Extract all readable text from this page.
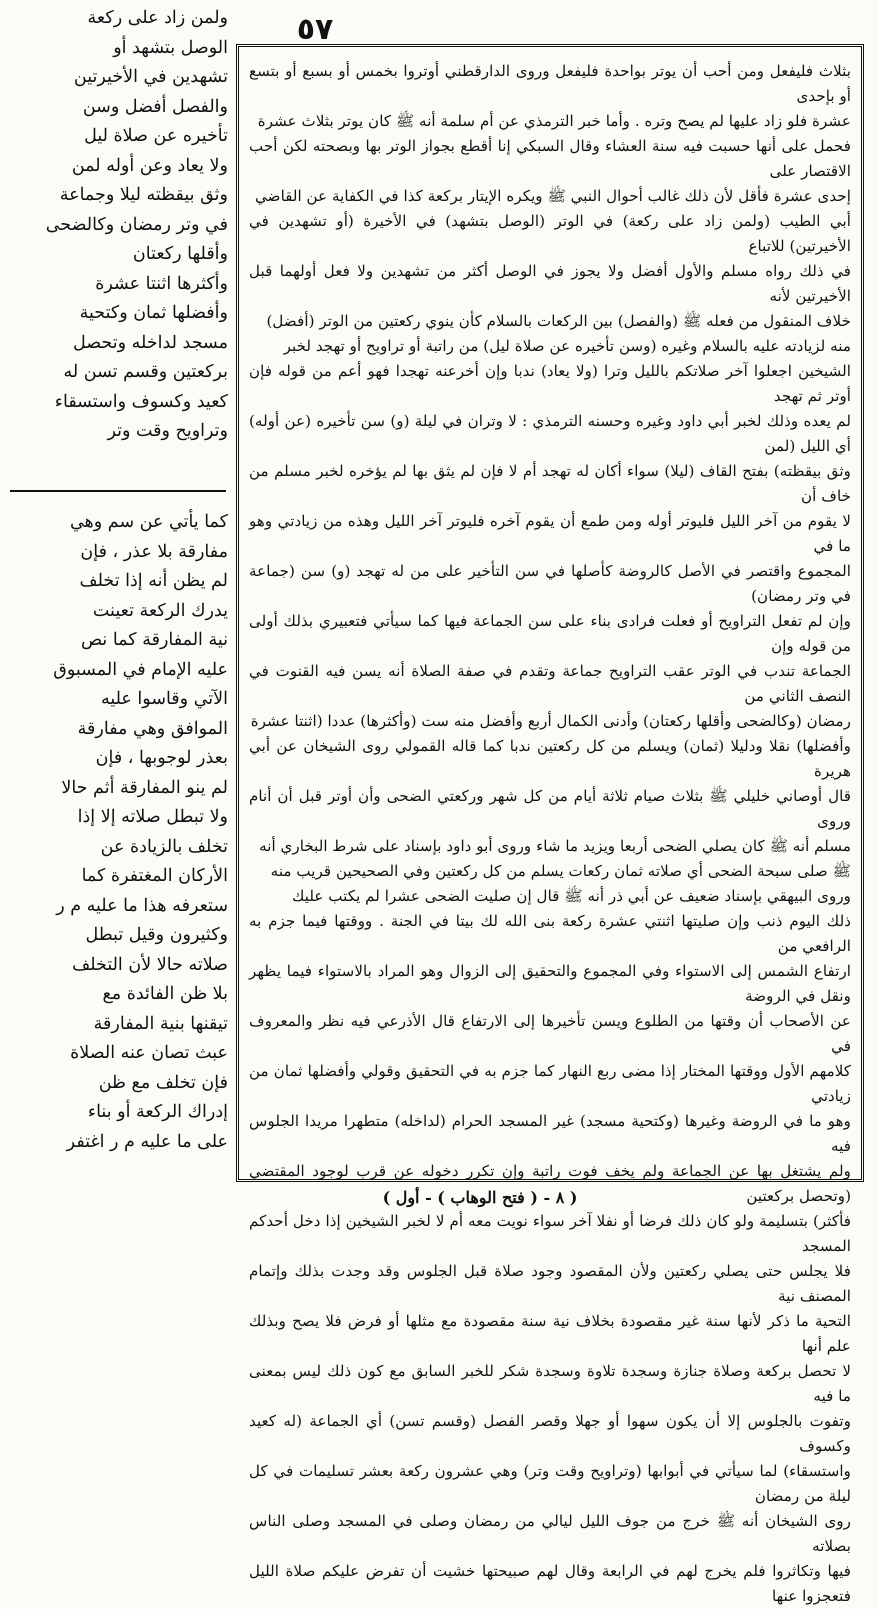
٥٧
ولمن زاد على ركعة
الوصل بتشهد أو
تشهدين في الأخيرتين
والفصل أفضل وسن
تأخيره عن صلاة ليل
ولا يعاد وعن أوله لمن
وثق بيقظته ليلا وجماعة
في وتر رمضان وكالضحى
وأقلها ركعتان
وأكثرها اثنتا عشرة
وأفضلها ثمان وكتحية
مسجد لداخله وتحصل
بركعتين وقسم تسن له
كعيد وكسوف واستسقاء
وتراويح وقت وتر
كما يأتي عن سم وهي
مفارقة بلا عذر ، فإن
لم يظن أنه إذا تخلف
يدرك الركعة تعينت
نية المفارقة كما نص
عليه الإمام في المسبوق
الآتي وقاسوا عليه
الموافق وهي مفارقة
بعذر لوجوبها ، فإن
لم ينو المفارقة أثم حالا
ولا تبطل صلاته إلا إذا
تخلف بالزيادة عن
الأركان المغتفرة كما
ستعرفه هذا ما عليه م ر
وكثيرون وقيل تبطل
صلاته حالا لأن التخلف
بلا ظن الفائدة مع
تيقنها بنية المفارقة
عبث تصان عنه الصلاة
فإن تخلف مع ظن
إدراك الركعة أو بناء
على ما عليه م ر اغتفر

بثلاث فليفعل ومن أحب أن يوتر بواحدة فليفعل وروى الدارقطني أوتروا بخمس أو بسبع أو بتسع أو بإحدى

عشرة فلو زاد عليها لم يصح وتره . وأما خبر الترمذي عن أم سلمة أنه ﷺ كان يوتر بثلاث عشرة

فحمل على أنها حسبت فيه سنة العشاء وقال السبكي إنا أقطع بجواز الوتر بها وبصحته لكن أحب الاقتصار على

إحدى عشرة فأقل لأن ذلك غالب أحوال النبي ﷺ ويكره الإيتار بركعة كذا في الكفاية عن القاضي

أبي الطيب (ولمن زاد على ركعة) في الوتر (الوصل بتشهد) في الأخيرة (أو تشهدين في الأخيرتين) للاتباع

في ذلك رواه مسلم والأول أفضل ولا يجوز في الوصل أكثر من تشهدين ولا فعل أولهما قبل الأخيرتين لأنه

خلاف المنقول من فعله ﷺ (والفصل) بين الركعات بالسلام كأن ينوي ركعتين من الوتر (أفضل)

منه لزيادته عليه بالسلام وغيره (وسن تأخيره عن صلاة ليل) من راتبة أو تراويح أو تهجد لخبر

الشيخين اجعلوا آخر صلاتكم بالليل وترا (ولا يعاد) ندبا وإن أخرعنه تهجدا فهو أعم من قوله فإن أوتر ثم تهجد

لم يعده وذلك لخبر أبي داود وغيره وحسنه الترمذي : لا وتران في ليلة (و) سن تأخيره (عن أوله) أي الليل (لمن

وثق بيقظته) بفتح القاف (ليلا) سواء أكان له تهجد أم لا فإن لم يثق بها لم يؤخره لخبر مسلم من خاف أن

لا يقوم من آخر الليل فليوتر أوله ومن طمع أن يقوم آخره فليوتر آخر الليل وهذه من زيادتي وهو ما في

المجموع واقتصر في الأصل كالروضة كأصلها في سن التأخير على من له تهجد (و) سن (جماعة في وتر رمضان)

وإن لم تفعل التراويح أو فعلت فرادى بناء على سن الجماعة فيها كما سيأتي فتعبيري بذلك أولى من قوله وإن

الجماعة تندب في الوتر عقب التراويح جماعة وتقدم في صفة الصلاة أنه يسن فيه القنوت في النصف الثاني من

رمضان (وكالضحى وأقلها ركعتان) وأدنى الكمال أربع وأفضل منه ست (وأكثرها) عددا (اثنتا عشرة

وأفضلها) نقلا ودليلا (ثمان) ويسلم من كل ركعتين ندبا كما قاله القمولي روى الشيخان عن أبي هريرة

قال أوصاني خليلي ﷺ بثلاث صيام ثلاثة أيام من كل شهر وركعتي الضحى وأن أوتر قبل أن أنام وروى

مسلم أنه ﷺ كان يصلي الضحى أربعا ويزيد ما شاء وروى أبو داود بإسناد على شرط البخاري أنه

ﷺ صلى سبحة الضحى أي صلاته ثمان ركعات يسلم من كل ركعتين وفي الصحيحين قريب منه

وروى البيهقي بإسناد ضعيف عن أبي ذر أنه ﷺ قال إن صليت الضحى عشرا لم يكتب عليك

ذلك اليوم ذنب وإن صليتها اثنتي عشرة ركعة بنى الله لك بيتا في الجنة . ووقتها فيما جزم به الرافعي من

ارتفاع الشمس إلى الاستواء وفي المجموع والتحقيق إلى الزوال وهو المراد بالاستواء فيما يظهر ونقل في الروضة

عن الأصحاب أن وقتها من الطلوع ويسن تأخيرها إلى الارتفاع قال الأذرعي فيه نظر والمعروف في

كلامهم الأول ووقتها المختار إذا مضى ربع النهار كما جزم به في التحقيق وقولي وأفضلها ثمان من زيادتي

وهو ما في الروضة وغيرها (وكتحية مسجد) غير المسجد الحرام (لداخله) متطهرا مريدا الجلوس فيه

ولم يشتغل بها عن الجماعة ولم يخف فوت راتبة وإن تكرر دخوله عن قرب لوجود المقتضي (وتحصل بركعتين

فأكثر) بتسليمة ولو كان ذلك فرضا أو نفلا آخر سواء نويت معه أم لا لخبر الشيخين إذا دخل أحدكم المسجد

فلا يجلس حتى يصلي ركعتين ولأن المقصود وجود صلاة قبل الجلوس وقد وجدت بذلك وإتمام المصنف نية

التحية ما ذكر لأنها سنة غير مقصودة بخلاف نية سنة مقصودة مع مثلها أو فرض فلا يصح وبذلك علم أنها

لا تحصل بركعة وصلاة جنازة وسجدة تلاوة وسجدة شكر للخبر السابق مع كون ذلك ليس بمعنى ما فيه

وتفوت بالجلوس إلا أن يكون سهوا أو جهلا وقصر الفصل (وقسم تسن) أي الجماعة (له كعيد وكسوف

واستسقاء) لما سيأتي في أبوابها (وتراويح وقت وتر) وهي عشرون ركعة بعشر تسليمات في كل ليلة من رمضان

روى الشيخان أنه ﷺ خرج من جوف الليل ليالي من رمضان وصلى في المسجد وصلى الناس بصلاته

فيها وتكاثروا فلم يخرج لهم في الرابعة وقال لهم صبيحتها خشيت أن تفرض عليكم صلاة الليل فتعجزوا عنها

( ٨ - ( فتح الوهاب ) - أول )
